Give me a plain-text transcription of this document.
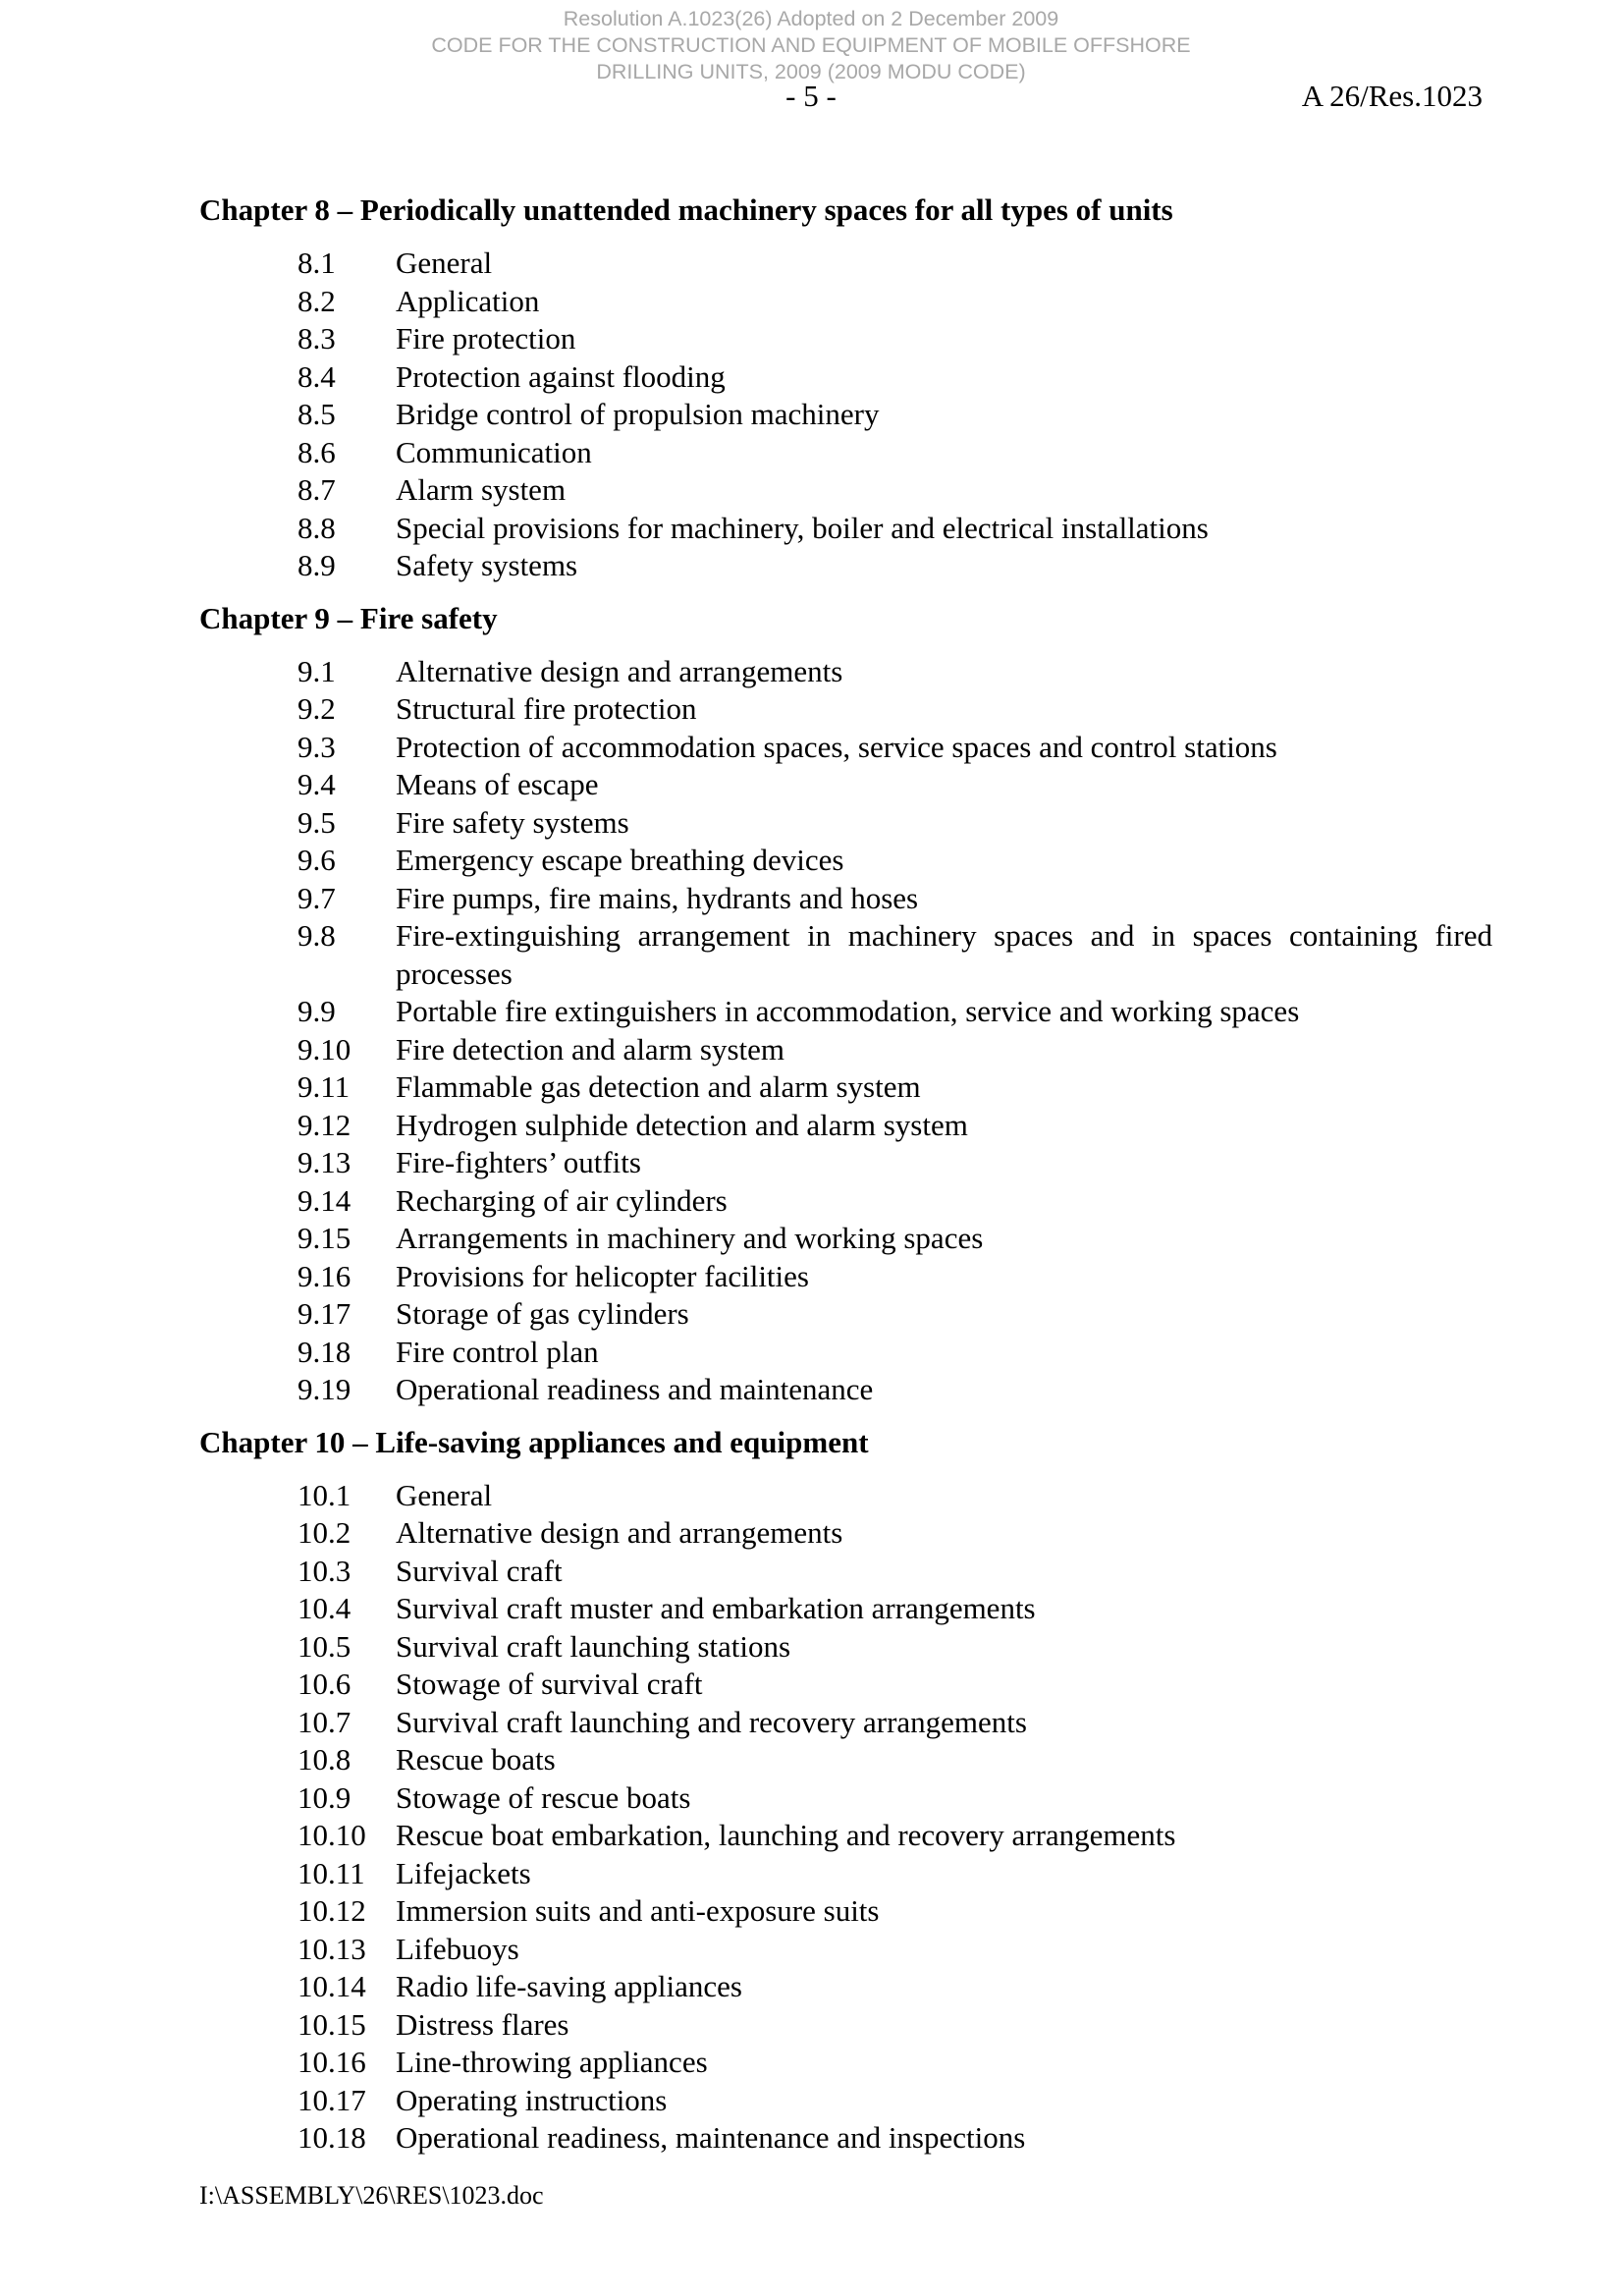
Resolution A.1023(26) Adopted on 2 December 2009
CODE FOR THE CONSTRUCTION AND EQUIPMENT OF MOBILE OFFSHORE
DRILLING UNITS, 2009 (2009 MODU CODE)
- 5 -	A 26/Res.1023
Chapter 8 – Periodically unattended machinery spaces for all types of units
8.1	General
8.2	Application
8.3	Fire protection
8.4	Protection against flooding
8.5	Bridge control of propulsion machinery
8.6	Communication
8.7	Alarm system
8.8	Special provisions for machinery, boiler and electrical installations
8.9	Safety systems
Chapter 9 – Fire safety
9.1	Alternative design and arrangements
9.2	Structural fire protection
9.3	Protection of accommodation spaces, service spaces and control stations
9.4	Means of escape
9.5	Fire safety systems
9.6	Emergency escape breathing devices
9.7	Fire pumps, fire mains, hydrants and hoses
9.8	Fire-extinguishing arrangement in machinery spaces and in spaces containing fired processes
9.9	Portable fire extinguishers in accommodation, service and working spaces
9.10	Fire detection and alarm system
9.11	Flammable gas detection and alarm system
9.12	Hydrogen sulphide detection and alarm system
9.13	Fire-fighters’ outfits
9.14	Recharging of air cylinders
9.15	Arrangements in machinery and working spaces
9.16	Provisions for helicopter facilities
9.17	Storage of gas cylinders
9.18	Fire control plan
9.19	Operational readiness and maintenance
Chapter 10 – Life-saving appliances and equipment
10.1	General
10.2	Alternative design and arrangements
10.3	Survival craft
10.4	Survival craft muster and embarkation arrangements
10.5	Survival craft launching stations
10.6	Stowage of survival craft
10.7	Survival craft launching and recovery arrangements
10.8	Rescue boats
10.9	Stowage of rescue boats
10.10 Rescue boat embarkation, launching and recovery arrangements
10.11	Lifejackets
10.12 Immersion suits and anti-exposure suits
10.13 Lifebuoys
10.14 Radio life-saving appliances
10.15 Distress flares
10.16 Line-throwing appliances
10.17 Operating instructions
10.18 Operational readiness, maintenance and inspections
I:\ASSEMBLY\26\RES\1023.doc
